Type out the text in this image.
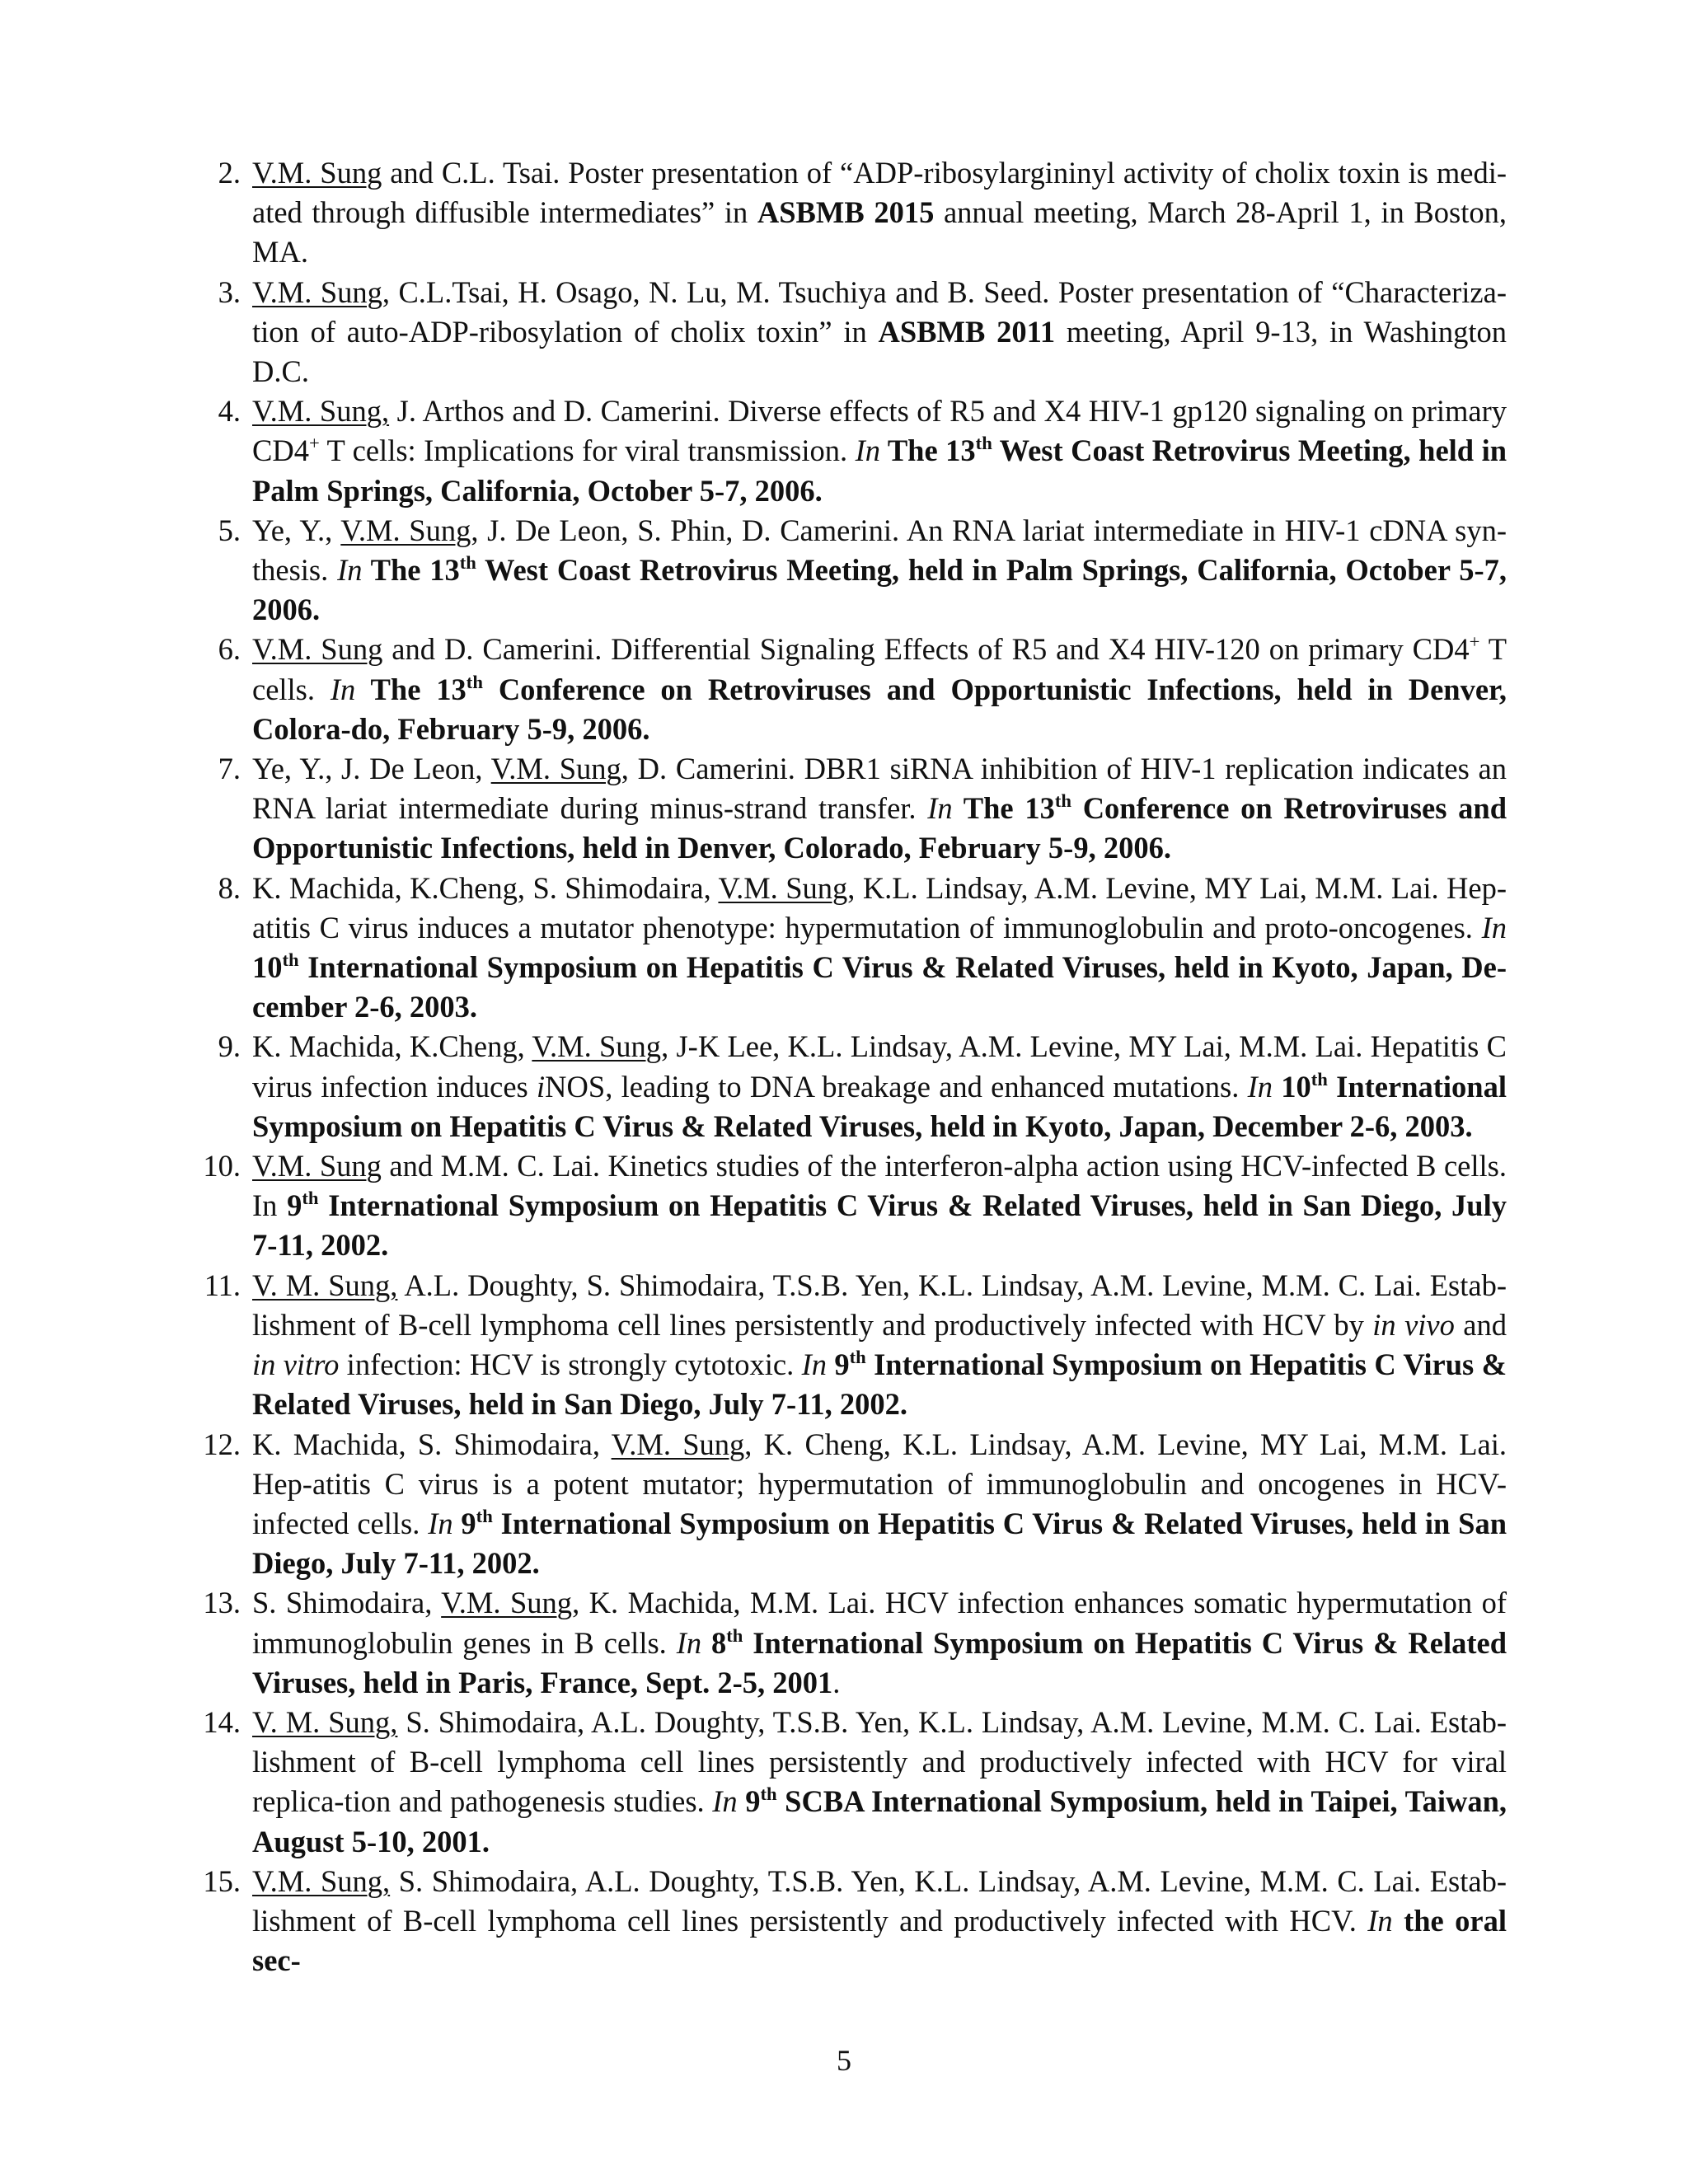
2. V.M. Sung and C.L. Tsai. Poster presentation of “ADP-ribosylargininyl activity of cholix toxin is medi-ated through diffusible intermediates” in ASBMB 2015 annual meeting, March 28-April 1, in Boston, MA.
3. V.M. Sung, C.L.Tsai, H. Osago, N. Lu, M. Tsuchiya and B. Seed. Poster presentation of “Characteriza-tion of auto-ADP-ribosylation of cholix toxin” in ASBMB 2011 meeting, April 9-13, in Washington D.C.
4. V.M. Sung, J. Arthos and D. Camerini. Diverse effects of R5 and X4 HIV-1 gp120 signaling on primary CD4+ T cells: Implications for viral transmission. In The 13th West Coast Retrovirus Meeting, held in Palm Springs, California, October 5-7, 2006.
5. Ye, Y., V.M. Sung, J. De Leon, S. Phin, D. Camerini. An RNA lariat intermediate in HIV-1 cDNA syn-thesis. In The 13th West Coast Retrovirus Meeting, held in Palm Springs, California, October 5-7, 2006.
6. V.M. Sung and D. Camerini. Differential Signaling Effects of R5 and X4 HIV-120 on primary CD4+ T cells. In The 13th Conference on Retroviruses and Opportunistic Infections, held in Denver, Colora-do, February 5-9, 2006.
7. Ye, Y., J. De Leon, V.M. Sung, D. Camerini. DBR1 siRNA inhibition of HIV-1 replication indicates an RNA lariat intermediate during minus-strand transfer. In The 13th Conference on Retroviruses and Opportunistic Infections, held in Denver, Colorado, February 5-9, 2006.
8. K. Machida, K.Cheng, S. Shimodaira, V.M. Sung, K.L. Lindsay, A.M. Levine, MY Lai, M.M. Lai. Hep-atitis C virus induces a mutator phenotype: hypermutation of immunoglobulin and proto-oncogenes. In 10th International Symposium on Hepatitis C Virus & Related Viruses, held in Kyoto, Japan, De-cember 2-6, 2003.
9. K. Machida, K.Cheng, V.M. Sung, J-K Lee, K.L. Lindsay, A.M. Levine, MY Lai, M.M. Lai. Hepatitis C virus infection induces iNOS, leading to DNA breakage and enhanced mutations. In 10th International Symposium on Hepatitis C Virus & Related Viruses, held in Kyoto, Japan, December 2-6, 2003.
10. V.M. Sung and M.M. C. Lai. Kinetics studies of the interferon-alpha action using HCV-infected B cells. In 9th International Symposium on Hepatitis C Virus & Related Viruses, held in San Diego, July 7-11, 2002.
11. V. M. Sung, A.L. Doughty, S. Shimodaira, T.S.B. Yen, K.L. Lindsay, A.M. Levine, M.M. C. Lai. Estab-lishment of B-cell lymphoma cell lines persistently and productively infected with HCV by in vivo and in vitro infection: HCV is strongly cytotoxic. In 9th International Symposium on Hepatitis C Virus & Related Viruses, held in San Diego, July 7-11, 2002.
12. K. Machida, S. Shimodaira, V.M. Sung, K. Cheng, K.L. Lindsay, A.M. Levine, MY Lai, M.M. Lai. Hep-atitis C virus is a potent mutator; hypermutation of immunoglobulin and oncogenes in HCV-infected cells. In 9th International Symposium on Hepatitis C Virus & Related Viruses, held in San Diego, July 7-11, 2002.
13. S. Shimodaira, V.M. Sung, K. Machida, M.M. Lai. HCV infection enhances somatic hypermutation of immunoglobulin genes in B cells. In 8th International Symposium on Hepatitis C Virus & Related Viruses, held in Paris, France, Sept. 2-5, 2001.
14. V. M. Sung, S. Shimodaira, A.L. Doughty, T.S.B. Yen, K.L. Lindsay, A.M. Levine, M.M. C. Lai. Estab-lishment of B-cell lymphoma cell lines persistently and productively infected with HCV for viral replica-tion and pathogenesis studies. In 9th SCBA International Symposium, held in Taipei, Taiwan, August 5-10, 2001.
15. V.M. Sung, S. Shimodaira, A.L. Doughty, T.S.B. Yen, K.L. Lindsay, A.M. Levine, M.M. C. Lai. Estab-lishment of B-cell lymphoma cell lines persistently and productively infected with HCV. In the oral sec-
5
